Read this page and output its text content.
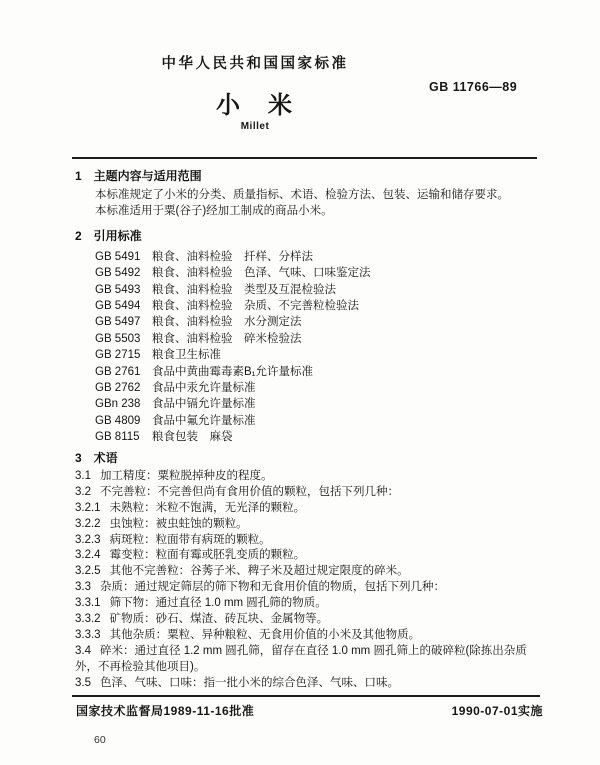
中华人民共和国国家标准
GB 11766—89
小　米
Millet
1　主题内容与适用范围

本标准规定了小米的分类、质量指标、术语、检验方法、包装、运输和储存要求。

本标准适用于粟(谷子)经加工制成的商品小米。

2　引用标准
GB 5491 粮食、油料检验　扦样、分样法
GB 5492 粮食、油料检验　色泽、气味、口味鉴定法
GB 5493 粮食、油料检验　类型及互混检验法
GB 5494 粮食、油料检验　杂质、不完善粒检验法
GB 5497 粮食、油料检验　水分测定法
GB 5503 粮食、油料检验　碎米检验法
GB 2715 粮食卫生标准
GB 2761 食品中黄曲霉毒素B₁允许量标准
GB 2762 食品中汞允许量标准
GBn 238 食品中镉允许量标准
GB 4809 食品中氟允许量标准
GB 8115 粮食包装　麻袋
3　术语

3.1 加工精度：粟粒脱掉种皮的程度。

3.2 不完善粒：不完善但尚有食用价值的颗粒，包括下列几种：

3.2.1 未熟粒：米粒不饱满，无光泽的颗粒。

3.2.2 虫蚀粒：被虫蛀蚀的颗粒。

3.2.3 病斑粒：粒面带有病斑的颗粒。

3.2.4 霉变粒：粒面有霉或胚乳变质的颗粒。

3.2.5 其他不完善粒：谷莠子米、稗子米及超过规定限度的碎米。

3.3 杂质：通过规定筛层的筛下物和无食用价值的物质，包括下列几种：

3.3.1 筛下物：通过直径 1.0 mm 圆孔筛的物质。

3.3.2 矿物质：砂石、煤渣、砖瓦块、金属物等。

3.3.3 其他杂质：粟粒、异种粮粒、无食用价值的小米及其他物质。

3.4 碎米：通过直径 1.2 mm 圆孔筛，留存在直径 1.0 mm 圆孔筛上的破碎粒(除拣出杂质外，不再检验其他项目)。

3.5 色泽、气味、口味：指一批小米的综合色泽、气味、口味。

国家技术监督局1989-11-16批准	1990-07-01实施
60
